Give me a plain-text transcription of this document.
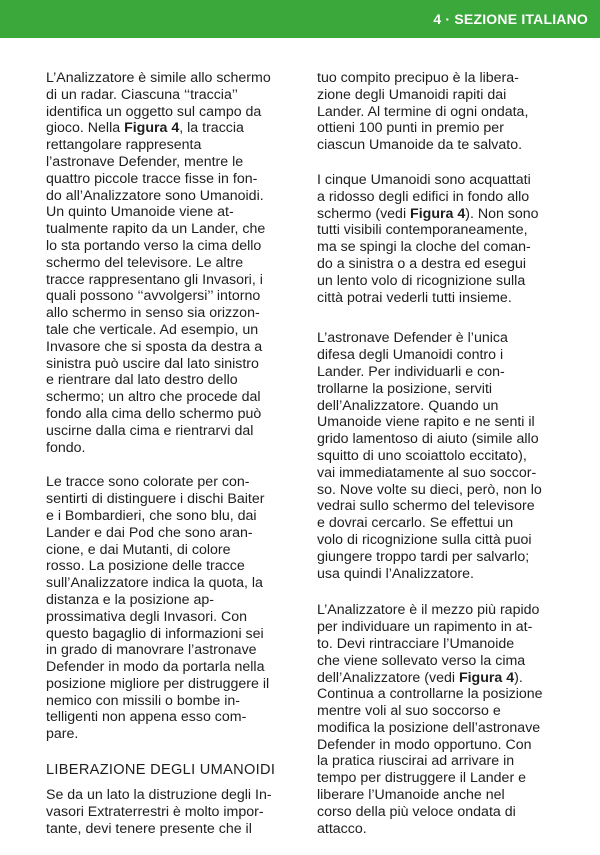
4 · SEZIONE ITALIANO

L’Analizzatore è simile allo schermo
di un radar. Ciascuna ‘‘traccia’’
identifica un oggetto sul campo da
gioco. Nella Figura 4, la traccia
rettangolare rappresenta
l’astronave Defender, mentre le
quattro piccole tracce fisse in fon-
do all’Analizzatore sono Umanoidi.
Un quinto Umanoide viene at-
tualmente rapito da un Lander, che
lo sta portando verso la cima dello
schermo del televisore. Le altre
tracce rappresentano gli Invasori, i
quali possono ‘‘avvolgersi’’ intorno
allo schermo in senso sia orizzon-
tale che verticale. Ad esempio, un
Invasore che si sposta da destra a
sinistra può uscire dal lato sinistro
e rientrare dal lato destro dello
schermo; un altro che procede dal
fondo alla cima dello schermo può
uscirne dalla cima e rientrarvi dal
fondo.

Le tracce sono colorate per con-
sentirti di distinguere i dischi Baiter
e i Bombardieri, che sono blu, dai
Lander e dai Pod che sono aran-
cione, e dai Mutanti, di colore
rosso. La posizione delle tracce
sull’Analizzatore indica la quota, la
distanza e la posizione ap-
prossimativa degli Invasori. Con
questo bagaglio di informazioni sei
in grado di manovrare l’astronave
Defender in modo da portarla nella
posizione migliore per distruggere il
nemico con missili o bombe in-
telligenti non appena esso com-
pare.

LIBERAZIONE DEGLI UMANOIDI

Se da un lato la distruzione degli In-
vasori Extraterrestri è molto impor-
tante, devi tenere presente che il

tuo compito precipuo è la libera-
zione degli Umanoidi rapiti dai
Lander. Al termine di ogni ondata,
ottieni 100 punti in premio per
ciascun Umanoide da te salvato.

I cinque Umanoidi sono acquattati
a ridosso degli edifici in fondo allo
schermo (vedi Figura 4). Non sono
tutti visibili contemporaneamente,
ma se spingi la cloche del coman-
do a sinistra o a destra ed esegui
un lento volo di ricognizione sulla
città potrai vederli tutti insieme.

L’astronave Defender è l’unica
difesa degli Umanoidi contro i
Lander. Per individuarli e con-
trollarne la posizione, serviti
dell’Analizzatore. Quando un
Umanoide viene rapito e ne senti il
grido lamentoso di aiuto (simile allo
squitto di uno scoiattolo eccitato),
vai immediatamente al suo soccor-
so. Nove volte su dieci, però, non lo
vedrai sullo schermo del televisore
e dovrai cercarlo. Se effettui un
volo di ricognizione sulla città puoi
giungere troppo tardi per salvarlo;
usa quindi l’Analizzatore.

L’Analizzatore è il mezzo più rapido
per individuare un rapimento in at-
to. Devi rintracciare l’Umanoide
che viene sollevato verso la cima
dell’Analizzatore (vedi Figura 4).
Continua a controllarne la posizione
mentre voli al suo soccorso e
modifica la posizione dell’astronave
Defender in modo opportuno. Con
la pratica riuscirai ad arrivare in
tempo per distruggere il Lander e
liberare l’Umanoide anche nel
corso della più veloce ondata di
attacco.
